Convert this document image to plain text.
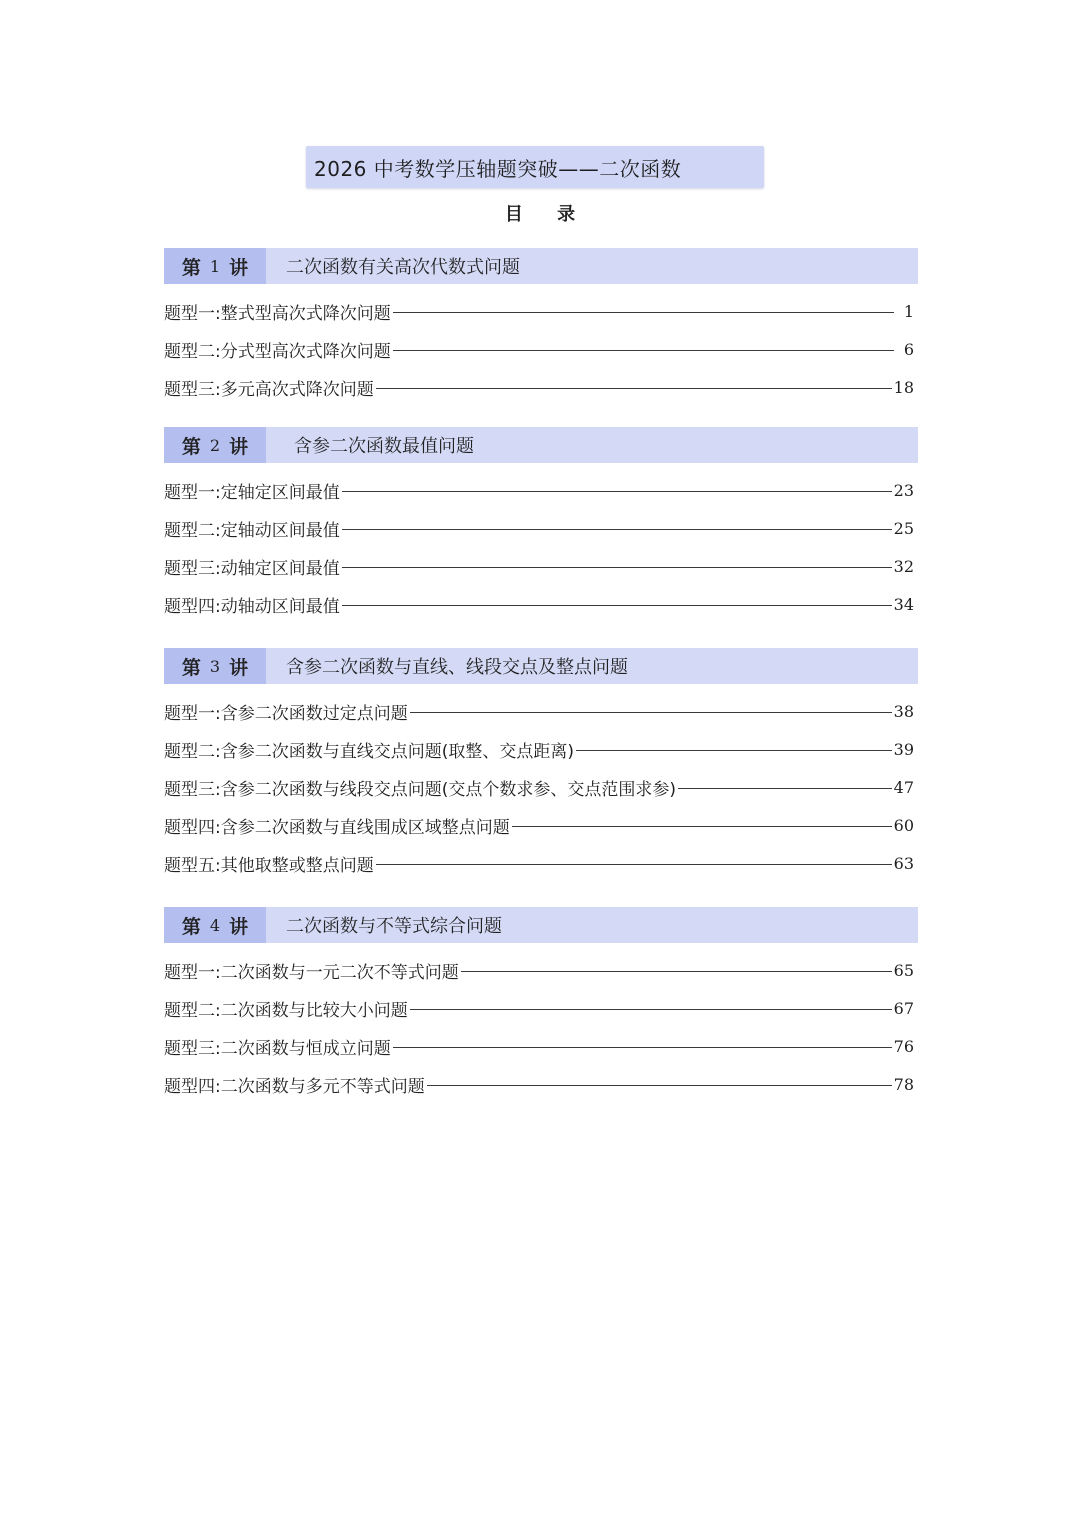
2026 中考数学压轴题突破——二次函数
目 录
第 1 讲	二次函数有关高次代数式问题
题型一:整式型高次式降次问题	1
题型二:分式型高次式降次问题	6
题型三:多元高次式降次问题	18
第 2 讲	含参二次函数最值问题
题型一:定轴定区间最值	23
题型二:定轴动区间最值	25
题型三:动轴定区间最值	32
题型四:动轴动区间最值	34
第 3 讲	含参二次函数与直线、线段交点及整点问题
题型一:含参二次函数过定点问题	38
题型二:含参二次函数与直线交点问题(取整、交点距离)	39
题型三:含参二次函数与线段交点问题(交点个数求参、交点范围求参)	47
题型四:含参二次函数与直线围成区域整点问题	60
题型五:其他取整或整点问题	63
第 4 讲	二次函数与不等式综合问题
题型一:二次函数与一元二次不等式问题	65
题型二:二次函数与比较大小问题	67
题型三:二次函数与恒成立问题	76
题型四:二次函数与多元不等式问题	78
